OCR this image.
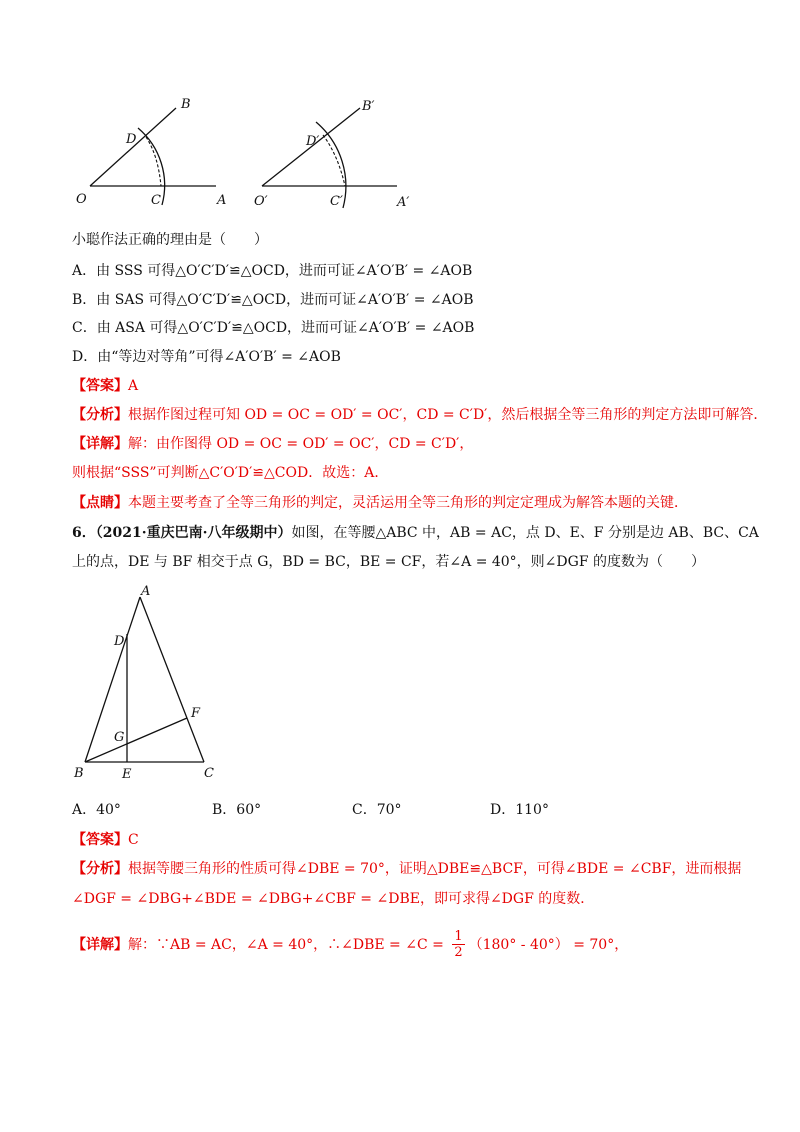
B
D
O	C	A
B′
D′
O′	C′	A′
小聪作法正确的理由是（　　）
A．由 SSS 可得△O′C′D′≌△OCD，进而可证∠A′O′B′ = ∠AOB
B．由 SAS 可得△O′C′D′≌△OCD，进而可证∠A′O′B′ = ∠AOB
C．由 ASA 可得△O′C′D′≌△OCD，进而可证∠A′O′B′ = ∠AOB
D．由“等边对等角”可得∠A′O′B′ = ∠AOB
【答案】A
【分析】根据作图过程可知 OD = OC = OD′ = OC′，CD = C′D′，然后根据全等三角形的判定方法即可解答．
【详解】解：由作图得 OD = OC = OD′ = OC′，CD = C′D′，
则根据“SSS”可判断△C′O′D′≌△COD．故选：A．
【点睛】本题主要考查了全等三角形的判定，灵活运用全等三角形的判定定理成为解答本题的关键．
6．（2021·重庆巴南·八年级期中）如图，在等腰△ABC 中，AB = AC，点 D、E、F 分别是边 AB、BC、CA
上的点，DE 与 BF 相交于点 G，BD = BC，BE = CF，若∠A = 40°，则∠DGF 的度数为（　　）
A
D
F
G
B	E	C
A．40°	B．60°	C．70°	D．110°
【答案】C
【分析】根据等腰三角形的性质可得∠DBE = 70°，证明△DBE≌△BCF，可得∠BDE = ∠CBF，进而根据
∠DGF = ∠DBG+∠BDE = ∠DBG+∠CBF = ∠DBE，即可求得∠DGF 的度数．
【详解】解：∵AB = AC，∠A = 40°，∴∠DBE = ∠C = $\frac{1}{2} (180^\circ - 40^\circ) = 70^\circ$，
